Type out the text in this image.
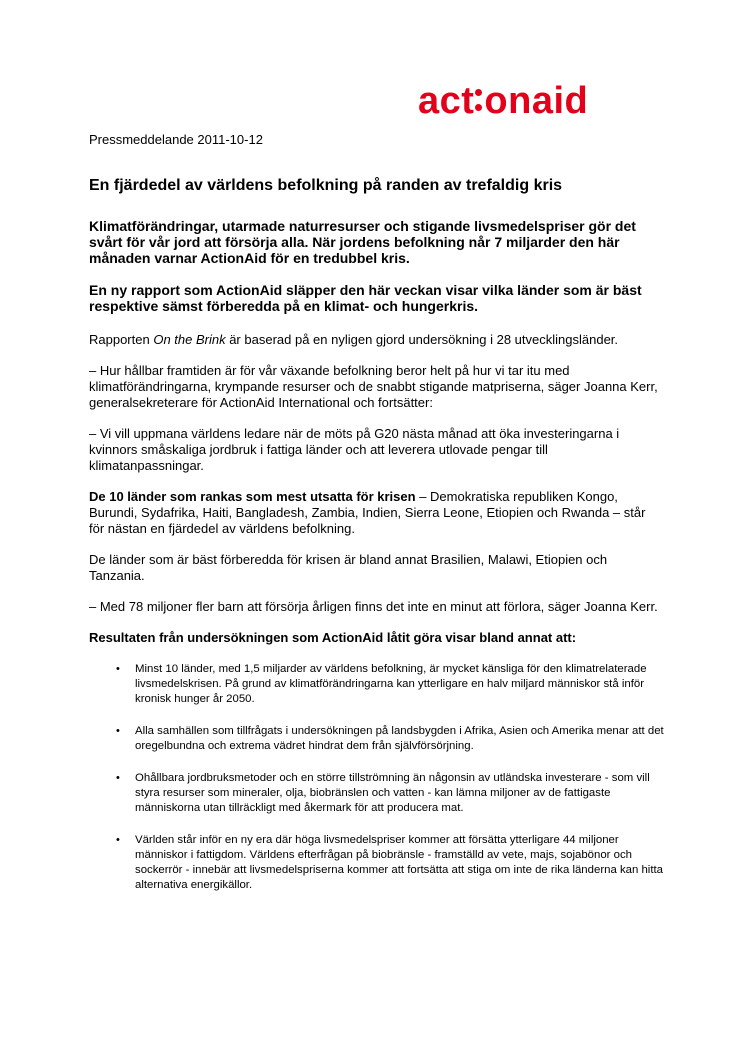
act onaid

Pressmeddelande 2011-10-12

En fjärdedel av världens befolkning på randen av trefaldig kris

Klimatförändringar, utarmade naturresurser och stigande livsmedelspriser gör det svårt för vår jord att försörja alla. När jordens befolkning når 7 miljarder den här månaden varnar ActionAid för en tredubbel kris.

En ny rapport som ActionAid släpper den här veckan visar vilka länder som är bäst respektive sämst förberedda på en klimat- och hungerkris.

Rapporten On the Brink är baserad på en nyligen gjord undersökning i 28 utvecklingsländer.

– Hur hållbar framtiden är för vår växande befolkning beror helt på hur vi tar itu med klimatförändringarna, krympande resurser och de snabbt stigande matpriserna, säger Joanna Kerr, generalsekreterare för ActionAid International och fortsätter:

– Vi vill uppmana världens ledare när de möts på G20 nästa månad att öka investeringarna i kvinnors småskaliga jordbruk i fattiga länder och att leverera utlovade pengar till klimatanpassningar.

De 10 länder som rankas som mest utsatta för krisen – Demokratiska republiken Kongo, Burundi, Sydafrika, Haiti, Bangladesh, Zambia, Indien, Sierra Leone, Etiopien och Rwanda – står för nästan en fjärdedel av världens befolkning.

De länder som är bäst förberedda för krisen är bland annat Brasilien, Malawi, Etiopien och Tanzania.

– Med 78 miljoner fler barn att försörja årligen finns det inte en minut att förlora, säger Joanna Kerr.

Resultaten från undersökningen som ActionAid låtit göra visar bland annat att:

• Minst 10 länder, med 1,5 miljarder av världens befolkning, är mycket känsliga för den klimatrelaterade livsmedelskrisen. På grund av klimatförändringarna kan ytterligare en halv miljard människor stå inför kronisk hunger år 2050.
• Alla samhällen som tillfrågats i undersökningen på landsbygden i Afrika, Asien och Amerika menar att det oregelbundna och extrema vädret hindrat dem från självförsörjning.
• Ohållbara jordbruksmetoder och en större tillströmning än någonsin av utländska investerare - som vill styra resurser som mineraler, olja, biobränslen och vatten - kan lämna miljoner av de fattigaste människorna utan tillräckligt med åkermark för att producera mat.
• Världen står inför en ny era där höga livsmedelspriser kommer att försätta ytterligare 44 miljoner människor i fattigdom. Världens efterfrågan på biobränsle - framställd av vete, majs, sojabönor och sockerrör - innebär att livsmedelspriserna kommer att fortsätta att stiga om inte de rika länderna kan hitta alternativa energikällor.
